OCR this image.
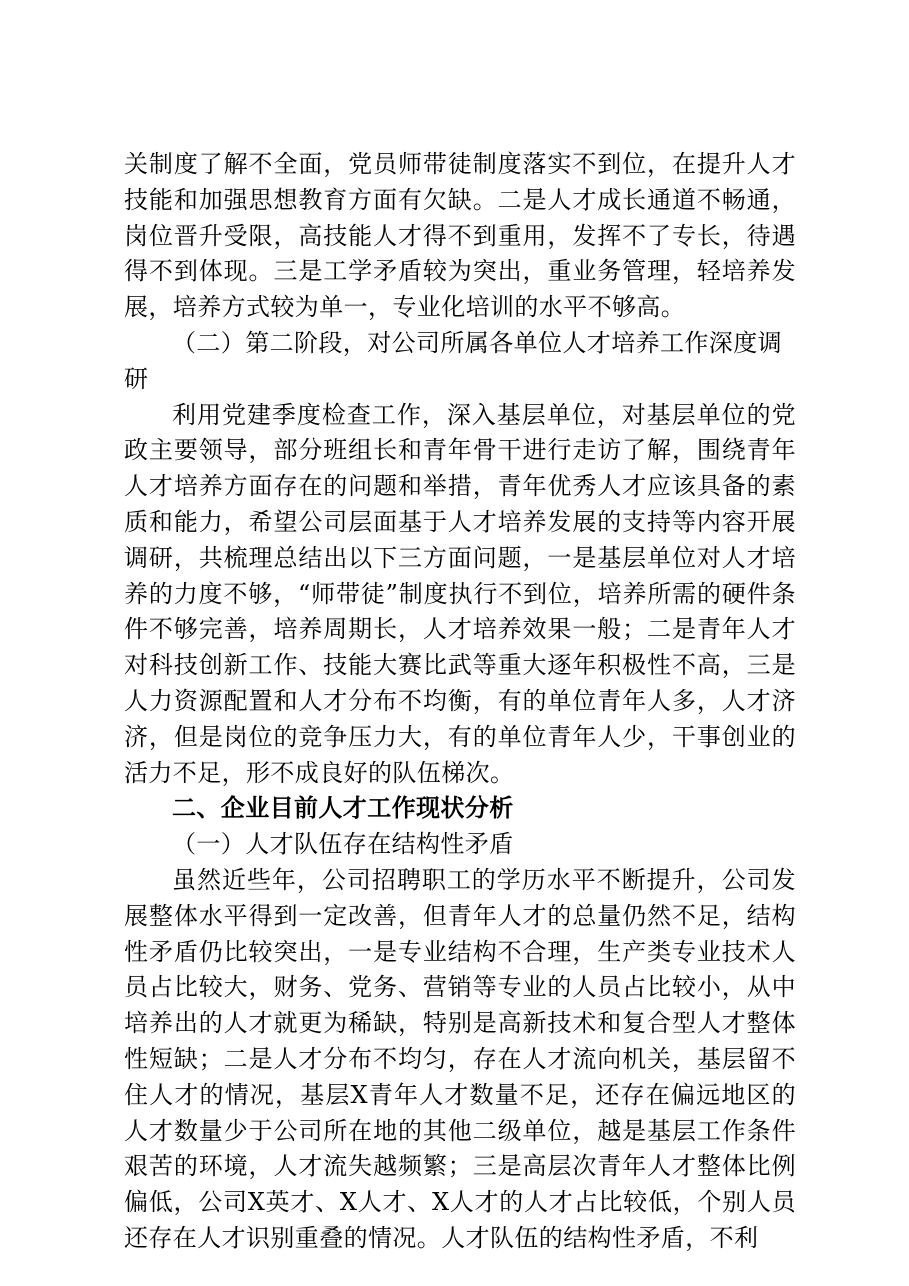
关制度了解不全面，党员师带徒制度落实不到位，在提升人才技能和加强思想教育方面有欠缺。二是人才成长通道不畅通，岗位晋升受限，高技能人才得不到重用，发挥不了专长，待遇得不到体现。三是工学矛盾较为突出，重业务管理，轻培养发展，培养方式较为单一，专业化培训的水平不够高。

（二）第二阶段，对公司所属各单位人才培养工作深度调研

利用党建季度检查工作，深入基层单位，对基层单位的党政主要领导，部分班组长和青年骨干进行走访了解，围绕青年人才培养方面存在的问题和举措，青年优秀人才应该具备的素质和能力，希望公司层面基于人才培养发展的支持等内容开展调研，共梳理总结出以下三方面问题，一是基层单位对人才培养的力度不够，“师带徒”制度执行不到位，培养所需的硬件条件不够完善，培养周期长，人才培养效果一般；二是青年人才对科技创新工作、技能大赛比武等重大逐年积极性不高，三是人力资源配置和人才分布不均衡，有的单位青年人多，人才济济，但是岗位的竞争压力大，有的单位青年人少，干事创业的活力不足，形不成良好的队伍梯次。

二、企业目前人才工作现状分析

（一）人才队伍存在结构性矛盾

虽然近些年，公司招聘职工的学历水平不断提升，公司发展整体水平得到一定改善，但青年人才的总量仍然不足，结构性矛盾仍比较突出，一是专业结构不合理，生产类专业技术人员占比较大，财务、党务、营销等专业的人员占比较小，从中培养出的人才就更为稀缺，特别是高新技术和复合型人才整体性短缺；二是人才分布不均匀，存在人才流向机关，基层留不住人才的情况，基层X青年人才数量不足，还存在偏远地区的人才数量少于公司所在地的其他二级单位，越是基层工作条件艰苦的环境，人才流失越频繁；三是高层次青年人才整体比例偏低，公司X英才、X人才、X人才的人才占比较低，个别人员还存在人才识别重叠的情况。人才队伍的结构性矛盾，不利
